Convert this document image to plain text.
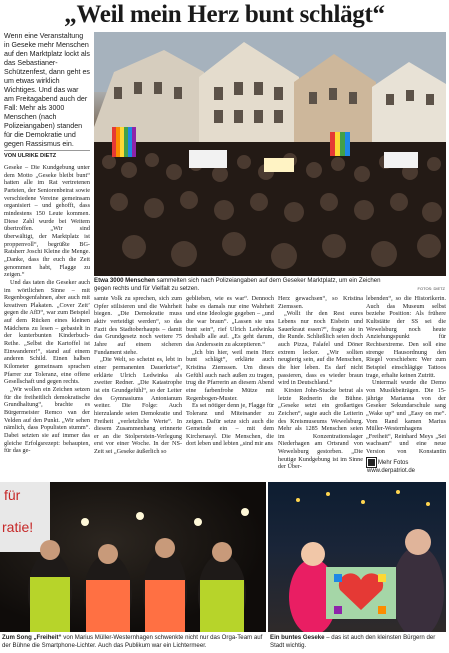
„Weil mein Herz bunt schlägt“
Wenn eine Veranstaltung in Geseke mehr Menschen auf den Marktplatz lockt als das Sebastianer-Schützenfest, dann geht es um etwas wirklich Wichtiges. Und das war am Freitagabend auch der Fall: Mehr als 3000 Menschen (nach Polizeiangaben) standen für die Demokratie und gegen Rassismus ein.
VON ULRIKE DIETZ
Etwa 3000 Menschen sammelten sich nach Polizeiangaben auf dem Geseker Marktplatz, um ein Zeichen gegen rechts und für Vielfalt zu setzen.	FOTOS: DIETZ

Geseke – Die Kundgebung unter dem Motto „Geseke bleibt bunt“ hatten alle im Rat vertretenen Parteien, der Seniorenbeirat sowie verschiedene Vereine gemeinsam organisiert – und gehofft, dass mindestens 150 Leute kommen. Diese Zahl wurde bei Weitem übertroffen. „Wir sind überwältigt, der Marktplatz ist proppenvoll“, begrüßte BG-Ratsherr Joschi Kleine die Menge. „Danke, dass ihr euch die Zeit genommen habt, Flagge zu zeigen.“

Und das taten die Geseker auch im wörtlichen Sinne – mit Regenbogenfahnen, aber auch mit kreativen Plakaten. „Cover Zeit’ gegen die AfD“, war zum Beispiel auf dem Rücken eines kleinen Mädchens zu lesen – gebastelt in der kunterbunten Kinderbuch-Reihe. „Selbst die Kartoffel ist Einwanderer!“, stand auf einem anderen Schild. Einen halben Kilometer gemeinsam sprachen Pfarrer zur Toleranz, eine offene Gesellschaft und gegen rechts.

„Wir wollen ein Zeichen setzen für die freiheitlich demokratische Grundhaltung“, brachte es Bürgermeister Remco van der Velden auf den Punkt. „Wir sehen nämlich, dass Populisten stumm“. Dabei setzten sie auf immer das gleiche Erfolgsrezept: behaupten, für das ge-

samte Volk zu sprechen, sich zum Opfer stilisieren und die Wahrheit biegen. „Die Demokratie muss aktiv verteidigt werden“, so das Fazit des Stadtoberhaupts – damit das Grundgesetz noch weitere 75 Jahre auf einem sicheren Fundament stehe.

„Die Welt, so scheint es, lebt in einer permanenten Dauerkrise“, erklärte Ulrich Ledwinka als zweiter Redner. „Die Katastrophe ist ein Grundgefühl“, so der Leiter des Gymnasiums Antonianum weiter. Die Folge: Auch hierzulande seien Demokratie und Freiheit „verletzliche Werte“. In diesem Zusammenhang erinnerte er an die Stolperstein-Verlegung erst vor einer Woche. In der NS-Zeit sei „Geseke äußerlich so

geblieben, wie es war“. Dennoch habe es damals nur eine Wahrheit und eine Ideologie gegeben – „und die war braun“. „Lassen sie uns bunt sein“, rief Ulrich Ledwinka deshalb alle auf. „Es geht darum, das Anderssein zu akzeptieren.“

„Ich bin hier, weil mein Herz bunt schlägt“, erklärte auch Kristina Ziemssen. Um dieses Gefühl auch nach außen zu tragen, trug die Pfarrerin an diesem Abend eine farbenfrohe Mütze mit Regenbogen-Muster.

Es sei nötiger denn je, Flagge für Toleranz und Miteinander zu zeigen. Dafür setze sich auch die Gemeinde ein – mit dem Kirchenasyl. Die Menschen, die dort leben und lebten „sind mir ans

Herz gewachsen“, so Kristina Ziemssen.

„Wollt ihr den Rest eures Lebens nur noch Eisbein und Sauerkraut essen?“, fragte sie in die Runde. Schließlich seien doch auch Pizza, Falafel und Döner extrem lecker. „Wir sollten neugierig sein, auf die Menschen, die hier leben. Es darf nicht passieren, dass es wieder braun wird in Deutschland.“

Kirsten John-Stucke betrat als letzte Rednerin die Bühne. „Geseke setzt ein großartiges Zeichen“, sagte auch die Leiterin des Kreismuseums Wewelsburg. Mehr als 1285 Menschen seien im Konzentrationslager Niederhagen am Ortsrand von Wewelsburg gestorben. „Die heutige Kundgebung ist im Sinne der Über-

lebenden“, so die Historikerin. Auch das Museum selbst beziehe Position: Als frühere Kultstätte der SS sei die Wewelsburg noch heute Anziehungspunkt für Rechtsextreme. Den soll eine strenge Hausordnung den Riegel vorschieben: Wer zum Beispiel einschlägige Tattoos trage, erhalte keinen Zutritt.

Untermalt wurde die Demo von Musikbeiträgen. Die 15-jährige Marianna von der Geseker Sekundarschule sang „Wake up“ und „Easy on me“. Vom Rand kamen Marius Müller-Westernhagens „Freiheit“, Reinhard Meys „Sei wachsam“ und eine neue Version von Konstantin

Mehr Fotos
www.derpatriot.de
für
ratie!
Zum Song „Freiheit“ von Marius Müller-Westernhagen schwenkte nicht nur das Orga-Team auf der Bühne die Smartphone-Lichter. Auch das Publikum war ein Lichtermeer.
Ein buntes Geseke – das ist auch den kleinsten Bürgern der Stadt wichtig.
